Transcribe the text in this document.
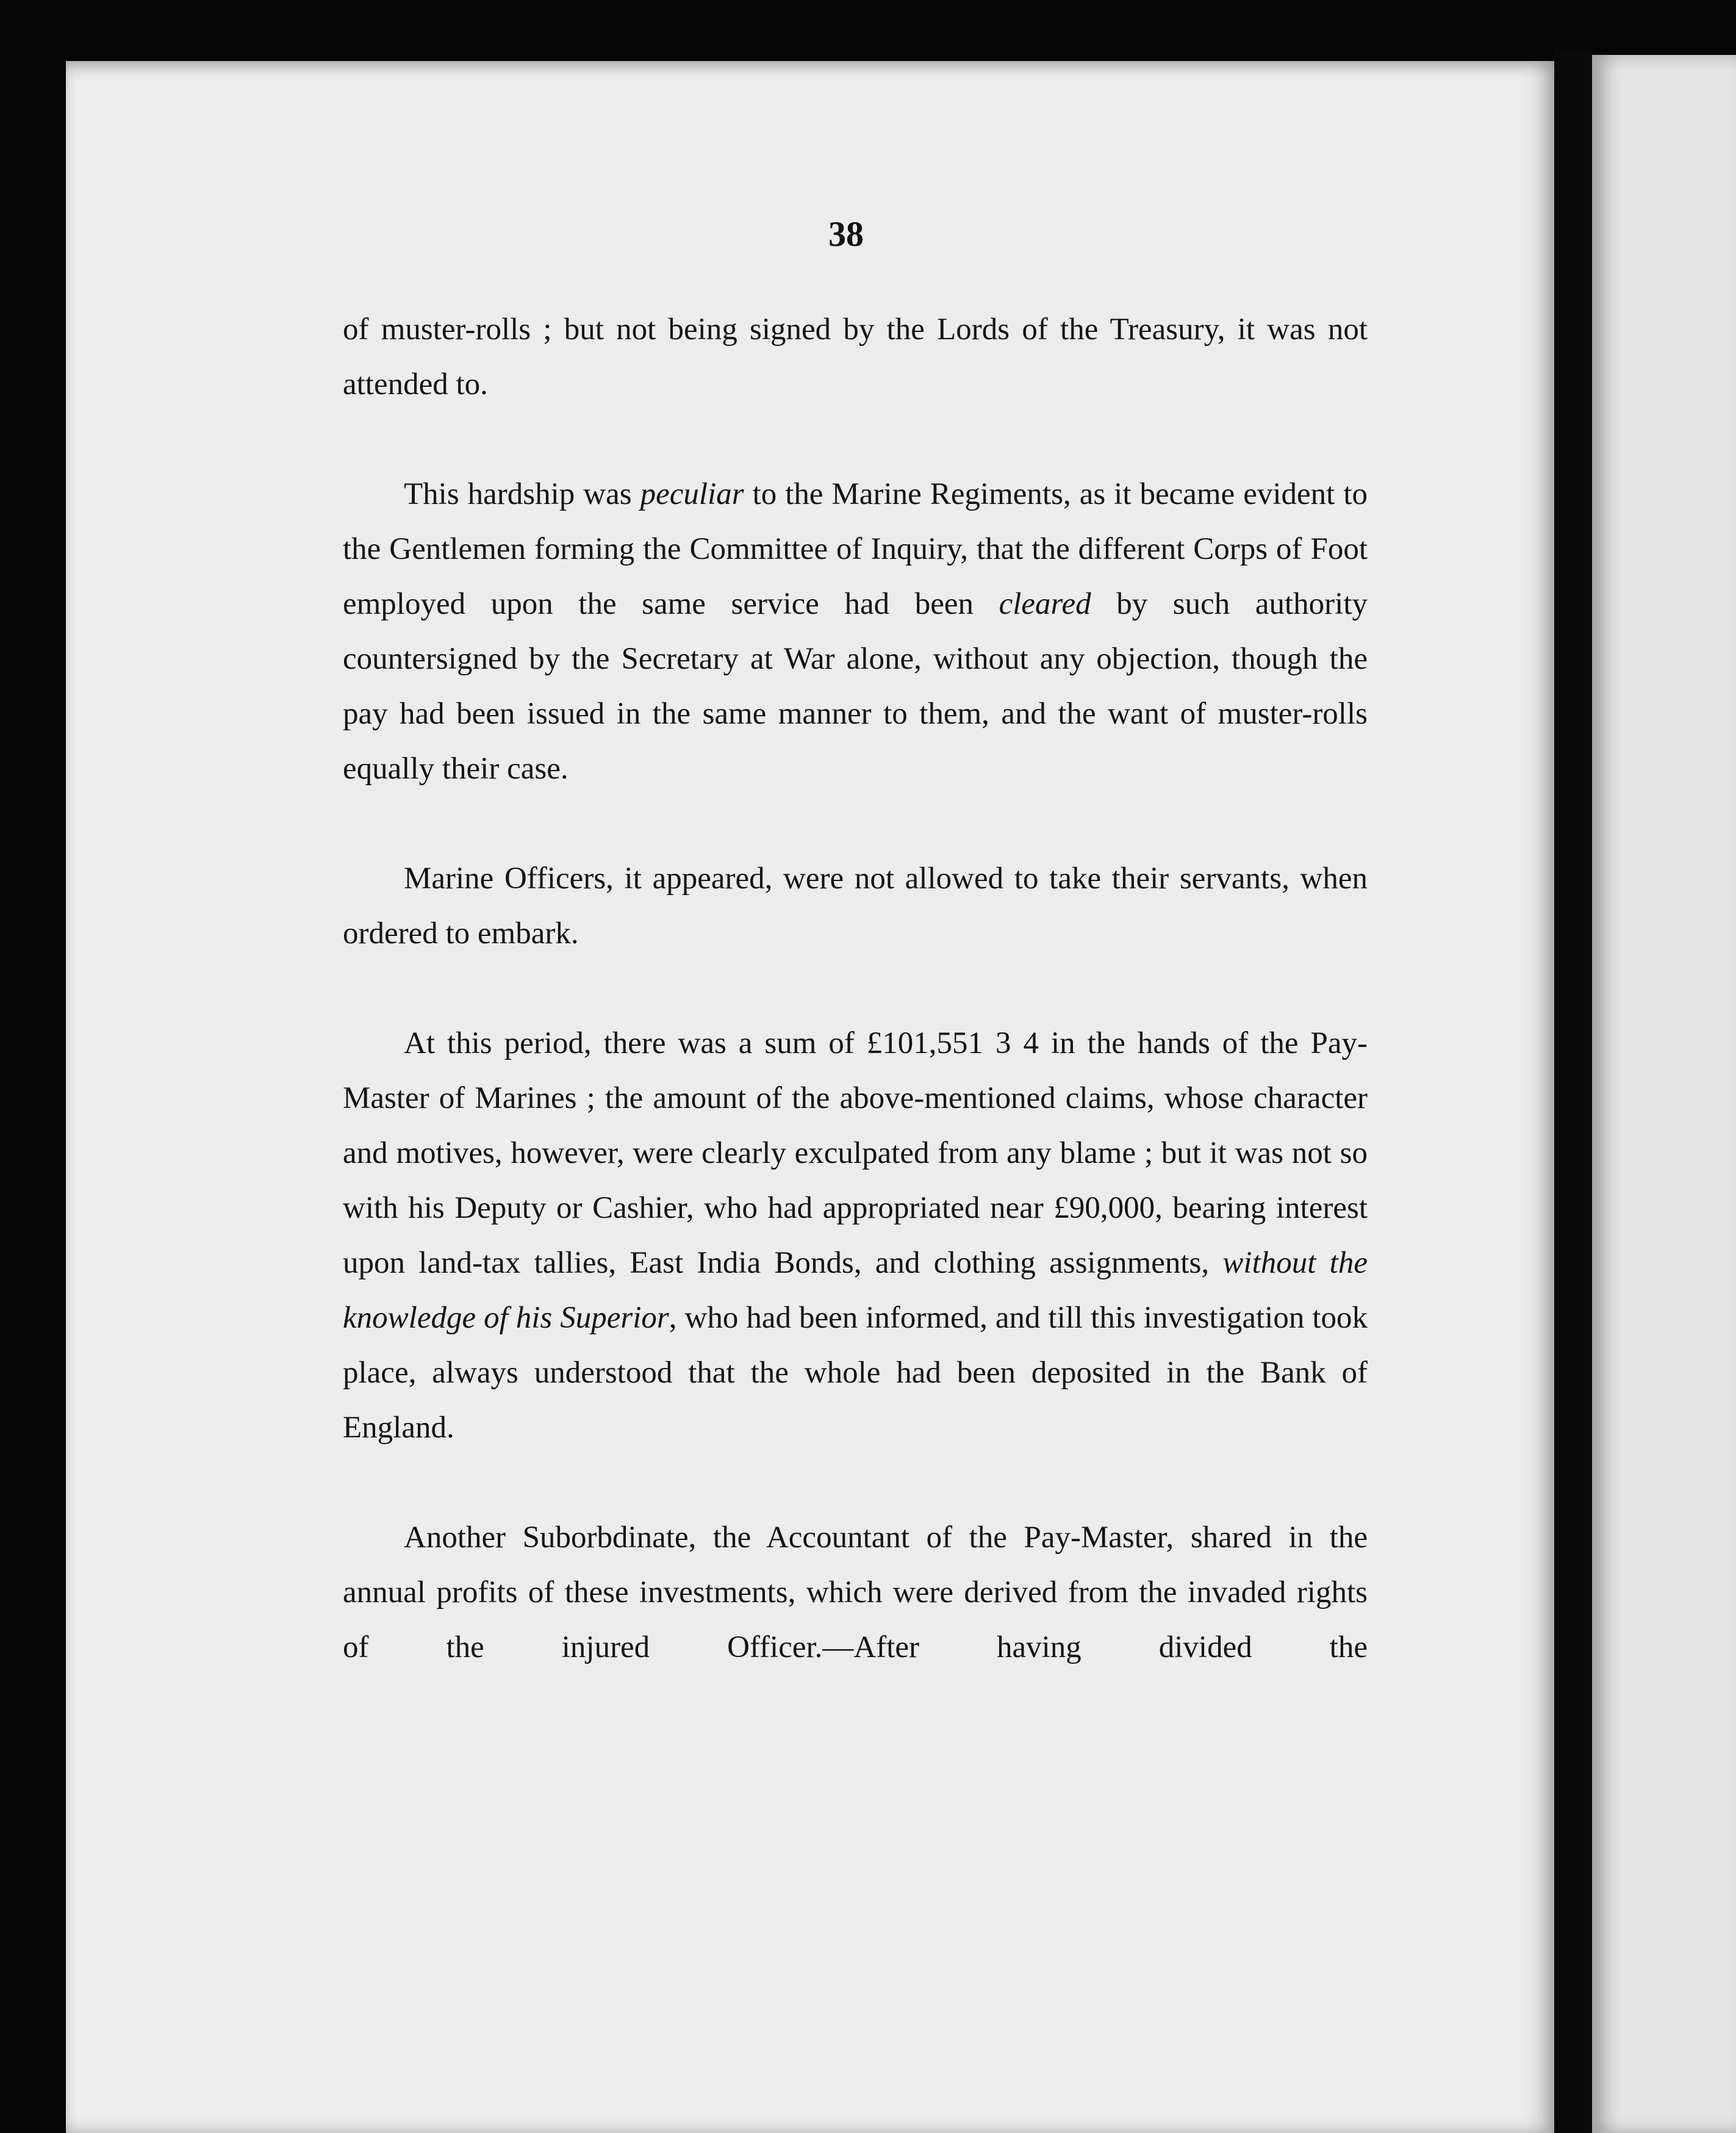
38

of muster-rolls ; but not being signed by the Lords of the Treasury, it was not attended to.

This hardship was peculiar to the Marine Regiments, as it became evident to the Gentlemen forming the Committee of Inquiry, that the different Corps of Foot employed upon the same service had been cleared by such authority countersigned by the Secretary at War alone, without any objection, though the pay had been issued in the same manner to them, and the want of muster-rolls equally their case.

Marine Officers, it appeared, were not allowed to take their servants, when ordered to embark.

At this period, there was a sum of £101,551 3 4 in the hands of the Pay-Master of Marines ; the amount of the above-mentioned claims, whose character and motives, however, were clearly exculpated from any blame ; but it was not so with his Deputy or Cashier, who had appropriated near £90,000, bearing interest upon land-tax tallies, East India Bonds, and clothing assignments, without the knowledge of his Superior, who had been informed, and till this investigation took place, always understood that the whole had been deposited in the Bank of England.

Another Suborbdinate, the Accountant of the Pay-Master, shared in the annual profits of these investments, which were derived from the invaded rights of the injured Officer.—After having divided the
